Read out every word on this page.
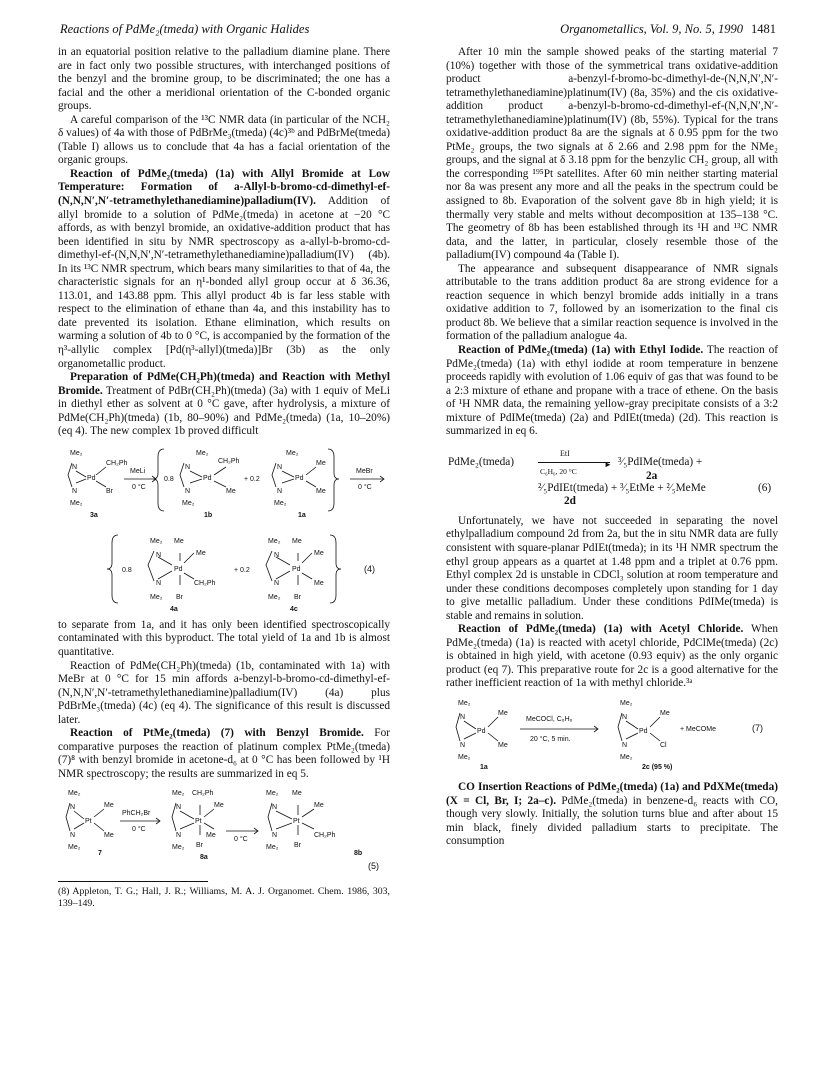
Reactions of PdMe₂(tmeda) with Organic Halides	Organometallics, Vol. 9, No. 5, 1990 1481

in an equatorial position relative to the palladium diamine plane. There are in fact only two possible structures, with interchanged positions of the benzyl and the bromine group, to be discriminated; the one has a facial and the other a meridional orientation of the C-bonded organic groups.

A careful comparison of the ¹³C NMR data (in particular of the NCH₂ δ values) of 4a with those of PdBrMe₃(tmeda) (4c)³ᵇ and PdBrMe(tmeda) (Table I) allows us to conclude that 4a has a facial orientation of the organic groups.

Reaction of PdMe₂(tmeda) (1a) with Allyl Bromide at Low Temperature: Formation of a-Allyl-b-bromo-cd-dimethyl-ef-(N,N,N′,N′-tetramethylethanediamine)palladium(IV). Addition of allyl bromide to a solution of PdMe₂(tmeda) in acetone at −20 °C affords, as with benzyl bromide, an oxidative-addition product that has been identified in situ by NMR spectroscopy as a-allyl-b-bromo-cd-dimethyl-ef-(N,N,N′,N′-tetramethylethanediamine)palladium(IV) (4b). In its ¹³C NMR spectrum, which bears many similarities to that of 4a, the characteristic signals for an η¹-bonded allyl group occur at δ 36.36, 113.01, and 143.88 ppm. This allyl product 4b is far less stable with respect to the elimination of ethane than 4a, and this instability has to date prevented its isolation. Ethane elimination, which results on warming a solution of 4b to 0 °C, is accompanied by the formation of the η³-allylic complex [Pd(η³-allyl)(tmeda)]Br (3b) as the only organometallic product.

Preparation of PdMe(CH₂Ph)(tmeda) and Reaction with Methyl Bromide. Treatment of PdBr(CH₂Ph)(tmeda) (3a) with 1 equiv of MeLi in diethyl ether as solvent at 0 °C gave, after hydrolysis, a mixture of PdMe(CH₂Ph)(tmeda) (1b, 80–90%) and PdMe₂(tmeda) (1a, 10–20%) (eq 4). The new complex 1b proved difficult

Me₂
N
Pd
CH₂Ph
Br
N
Me₂
3a
MeLi
0 °C
0.8
Me₂
N
Pd
CH₂Ph
Me
N
Me₂
1b
+ 0.2
Me₂
N
Pd
Me
Me
N
Me₂
1a
MeBr
0 °C
0.8
Me₂ Me
N
Pd
Me
CH₂Ph
N
Me₂ Br
4a
+ 0.2
Me₂ Me
N
Pd
Me
Me
N
Me₂ Br
4c
(4)

to separate from 1a, and it has only been identified spectroscopically contaminated with this byproduct. The total yield of 1a and 1b is almost quantitative.

Reaction of PdMe(CH₂Ph)(tmeda) (1b, contaminated with 1a) with MeBr at 0 °C for 15 min affords a-benzyl-b-bromo-cd-dimethyl-ef-(N,N,N′,N′-tetramethylethanediamine)palladium(IV) (4a) plus PdBrMe₃(tmeda) (4c) (eq 4). The significance of this result is discussed later.

Reaction of PtMe₂(tmeda) (7) with Benzyl Bromide. For comparative purposes the reaction of platinum complex PtMe₂(tmeda) (7)⁸ with benzyl bromide in acetone-d₆ at 0 °C has been followed by ¹H NMR spectroscopy; the results are summarized in eq 5.

Me₂
N
Pt
Me
Me
N
Me₂
7
PhCH₂Br
0 °C
Me₂ CH₂Ph
N
Pt
Me
Me
N
Me₂ Br
8a
0 °C
Me₂ Me
N
Pt
Me
CH₂Ph
N
Me₂ Br
8b
(5)
(8) Appleton, T. G.; Hall, J. R.; Williams, M. A. J. Organomet. Chem. 1986, 303, 139–149.

After 10 min the sample showed peaks of the starting material 7 (10%) together with those of the symmetrical trans oxidative-addition product a-benzyl-f-bromo-bc-dimethyl-de-(N,N,N′,N′-tetramethylethanediamine)platinum(IV) (8a, 35%) and the cis oxidative-addition product a-benzyl-b-bromo-cd-dimethyl-ef-(N,N,N′,N′-tetramethylethanediamine)platinum(IV) (8b, 55%). Typical for the trans oxidative-addition product 8a are the signals at δ 0.95 ppm for the two PtMe₂ groups, the two signals at δ 2.66 and 2.98 ppm for the NMe₂ groups, and the signal at δ 3.18 ppm for the benzylic CH₂ group, all with the corresponding ¹⁹⁵Pt satellites. After 60 min neither starting material nor 8a was present any more and all the peaks in the spectrum could be assigned to 8b. Evaporation of the solvent gave 8b in high yield; it is thermally very stable and melts without decomposition at 135–138 °C. The geometry of 8b has been established through its ¹H and ¹³C NMR data, and the latter, in particular, closely resemble those of the palladium(IV) compound 4a (Table I).

The appearance and subsequent disappearance of NMR signals attributable to the trans addition product 8a are strong evidence for a reaction sequence in which benzyl bromide adds initially in a trans oxidative addition to 7, followed by an isomerization to the final cis product 8b. We believe that a similar reaction sequence is involved in the formation of the palladium analogue 4a.

Reaction of PdMe₂(tmeda) (1a) with Ethyl Iodide. The reaction of PdMe₂(tmeda) (1a) with ethyl iodide at room temperature in benzene proceeds rapidly with evolution of 1.06 equiv of gas that was found to be a 2:3 mixture of ethane and propane with a trace of ethene. On the basis of ¹H NMR data, the remaining yellow-gray precipitate consists of a 3:2 mixture of PdIMe(tmeda) (2a) and PdIEt(tmeda) (2d). This reaction is summarized in eq 6.

PdMe₂(tmeda)
EtI
►
C₆H₆, 20 °C
³⁄₅PdIMe(tmeda) +
2a
²⁄₅PdIEt(tmeda) + ³⁄₅EtMe + ²⁄₅MeMe	(6)
2d

Unfortunately, we have not succeeded in separating the novel ethylpalladium compound 2d from 2a, but the in situ NMR data are fully consistent with square-planar PdIEt(tmeda); in its ¹H NMR spectrum the ethyl group appears as a quartet at 1.48 ppm and a triplet at 0.76 ppm. Ethyl complex 2d is unstable in CDCl₃ solution at room temperature and under these conditions decomposes completely upon standing for 1 day to give metallic palladium. Under these conditions PdIMe(tmeda) is stable and remains in solution.

Reaction of PdMe₂(tmeda) (1a) with Acetyl Chloride. When PdMe₂(tmeda) (1a) is reacted with acetyl chloride, PdClMe(tmeda) (2c) is obtained in high yield, with acetone (0.93 equiv) as the only organic product (eq 7). This preparative route for 2c is a good alternative for the rather inefficient reaction of 1a with methyl chloride.³ᵃ

Me₂
N
Pd
Me
Me
N
Me₂
1a
MeCOCl, C₆H₆
20 °C, 5 min.
Me₂
N
Pd
Me
Cl
N
Me₂
2c (95 %)
+ MeCOMe	(7)

CO Insertion Reactions of PdMe₂(tmeda) (1a) and PdXMe(tmeda) (X = Cl, Br, I; 2a–c). PdMe₂(tmeda) in benzene-d₆ reacts with CO, though very slowly. Initially, the solution turns blue and after about 15 min black, finely divided palladium starts to precipitate. The consumption
